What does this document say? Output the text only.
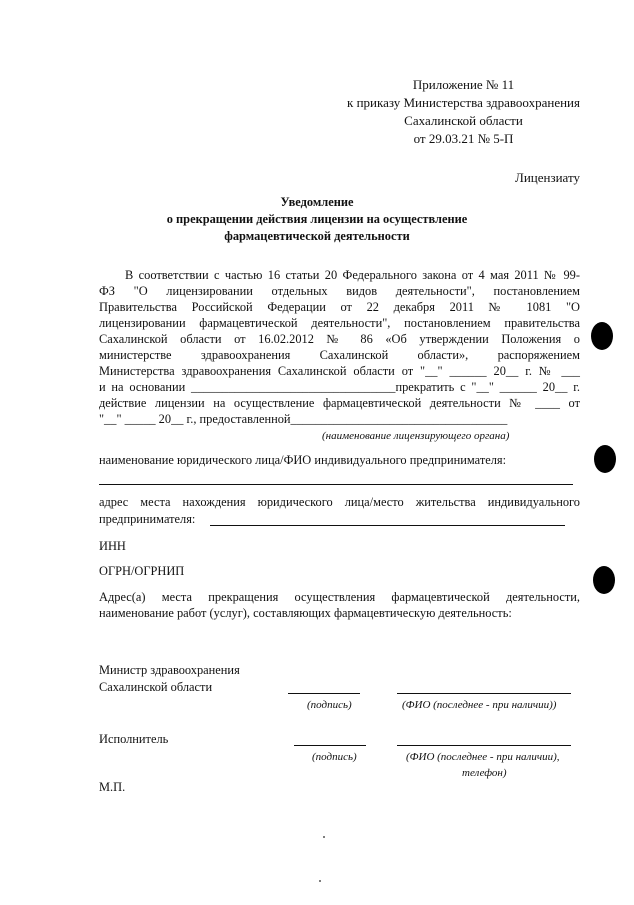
Приложение № 11
к приказу Министерства здравоохранения
Сахалинской области
от 29.03.21 № 5-П
Лицензиату
Уведомление
о прекращении действия лицензии на осуществление
фармацевтической деятельности
В соответствии с частью 16 статьи 20 Федерального закона от 4 мая 2011 № 99-
ФЗ "О лицензировании отдельных видов деятельности", постановлением
Правительства Российской Федерации от 22 декабря 2011 № 1081 "О
лицензировании фармацевтической деятельности", постановлением правительства
Сахалинской области от 16.02.2012 № 86 «Об утверждении Положения о
министерстве здравоохранения Сахалинской области», распоряжением
Министерства здравоохранения Сахалинской области от "__" ______ 20__ г. № ___
и на основании _________________________________прекратить с "__" ______ 20__ г.
действие лицензии на осуществление фармацевтической деятельности № ____ от
"__" _____ 20__ г., предоставленной___________________________________
(наименование лицензирующего органа)
наименование юридического лица/ФИО индивидуального предпринимателя:
адрес места нахождения юридического лица/место жительства индивидуального
предпринимателя:
ИНН
ОГРН/ОГРНИП
Адрес(а) места прекращения осуществления фармацевтической деятельности,
наименование работ (услуг), составляющих фармацевтическую деятельность:
Министр здравоохранения
Сахалинской области
(подпись)	(ФИО (последнее - при наличии))
Исполнитель
(подпись)	(ФИО (последнее - при наличии),
телефон)
М.П.
